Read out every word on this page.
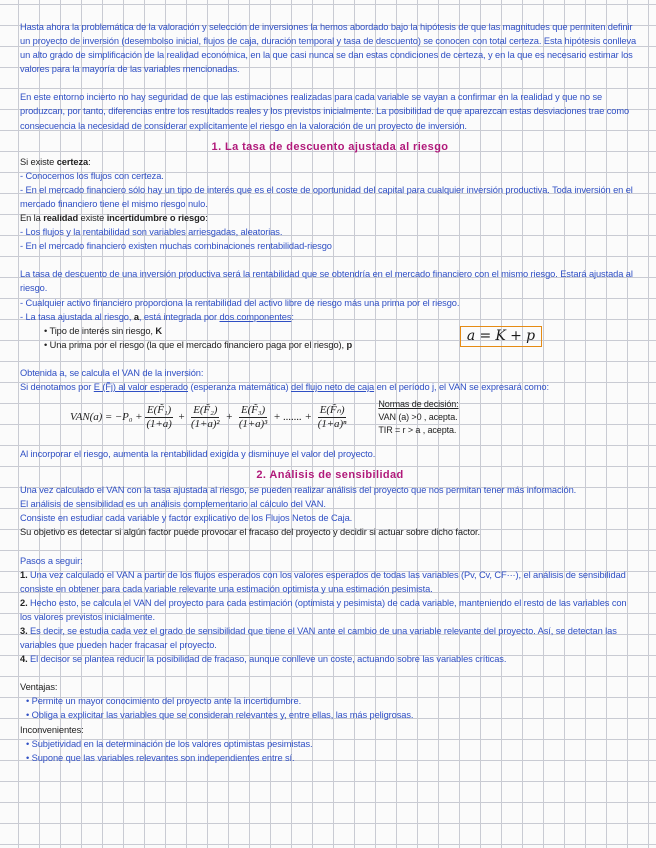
Hasta ahora la problemática de la valoración y selección de inversiones la hemos abordado bajo la hipótesis de que las magnitudes que permiten definir un proyecto de inversión (desembolso inicial, flujos de caja, duración temporal y tasa de descuento) se conocen con total certeza. Esta hipótesis conlleva un alto grado de simplificación de la realidad económica, en la que casi nunca se dan estas condiciones de certeza, y en la que es necesario estimar los valores para la mayoría de las variables mencionadas.

En este entorno incierto no hay seguridad de que las estimaciones realizadas para cada variable se vayan a confirmar en la realidad y que no se produzcan, por tanto, diferencias entre los resultados reales y los previstos inicialmente. La posibilidad de que aparezcan estas desviaciones trae como consecuencia la necesidad de considerar explícitamente el riesgo en la valoración de un proyecto de inversión.

1. La tasa de descuento ajustada al riesgo

Si existe certeza:

- Conocemos los flujos con certeza.

- En el mercado financiero sólo hay un tipo de interés que es el coste de oportunidad del capital para cualquier inversión productiva. Toda inversión en el mercado financiero tiene el mismo riesgo nulo.

En la realidad existe incertidumbre o riesgo:

- Los flujos y la rentabilidad son variables arriesgadas, aleatorias.

- En el mercado financiero existen muchas combinaciones rentabilidad-riesgo

La tasa de descuento de una inversión productiva será la rentabilidad que se obtendría en el mercado financiero con el mismo riesgo. Estará ajustada al riesgo.

- Cualquier activo financiero proporciona la rentabilidad del activo libre de riesgo más una prima por el riesgo.

- La tasa ajustada al riesgo, a, está integrada por dos componentes:

• Tipo de interés sin riesgo, K

• Una prima por el riesgo (la que el mercado financiero paga por el riesgo), p

a = K + p

Obtenida a, se calcula el VAN de la inversión:

Si denotamos por E (F̃j) al valor esperado (esperanza matemática) del flujo neto de caja en el período j, el VAN se expresará como:

$VAN(a) = -P_0 + \frac{\text{E(F̃₁)}}{(1+a)} + \frac{\text{E(F̃₂)}}{\text{(1+a)²}} + \frac{\text{E(F̃₃)}}{\text{(1+a)³}}$ + ....... + $\frac{\text{E(F̃ₙ)}}{\text{(1+a)ⁿ}}$	Normas de decisión:
VAN (a) >0 , acepta.
TIR = r > a , acepta.

Al incorporar el riesgo, aumenta la rentabilidad exigida y disminuye el valor del proyecto.

2. Análisis de sensibilidad

Una vez calculado el VAN con la tasa ajustada al riesgo, se pueden realizar análisis del proyecto que nos permitan tener más información.

El análisis de sensibilidad es un análisis complementario al cálculo del VAN.

Consiste en estudiar cada variable y factor explicativo de los Flujos Netos de Caja.

Su objetivo es detectar si algún factor puede provocar el fracaso del proyecto y decidir si actuar sobre dicho factor.

Pasos a seguir:

1. Una vez calculado el VAN a partir de los flujos esperados con los valores esperados de todas las variables (Pv, Cv, CF···), el análisis de sensibilidad consiste en obtener para cada variable relevante una estimación optimista y una estimación pesimista.

2. Hecho esto, se calcula el VAN del proyecto para cada estimación (optimista y pesimista) de cada variable, manteniendo el resto de las variables con los valores previstos inicialmente.

3. Es decir, se estudia cada vez el grado de sensibilidad que tiene el VAN ante el cambio de una variable relevante del proyecto. Así, se detectan las variables que pueden hacer fracasar el proyecto.

4. El decisor se plantea reducir la posibilidad de fracaso, aunque conlleve un coste, actuando sobre las variables críticas.

Ventajas:

• Permite un mayor conocimiento del proyecto ante la incertidumbre.

• Obliga a explicitar las variables que se consideran relevantes y, entre ellas, las más peligrosas.

Inconvenientes:

• Subjetividad en la determinación de los valores optimistas pesimistas.

• Supone que las variables relevantes son independientes entre sí.
